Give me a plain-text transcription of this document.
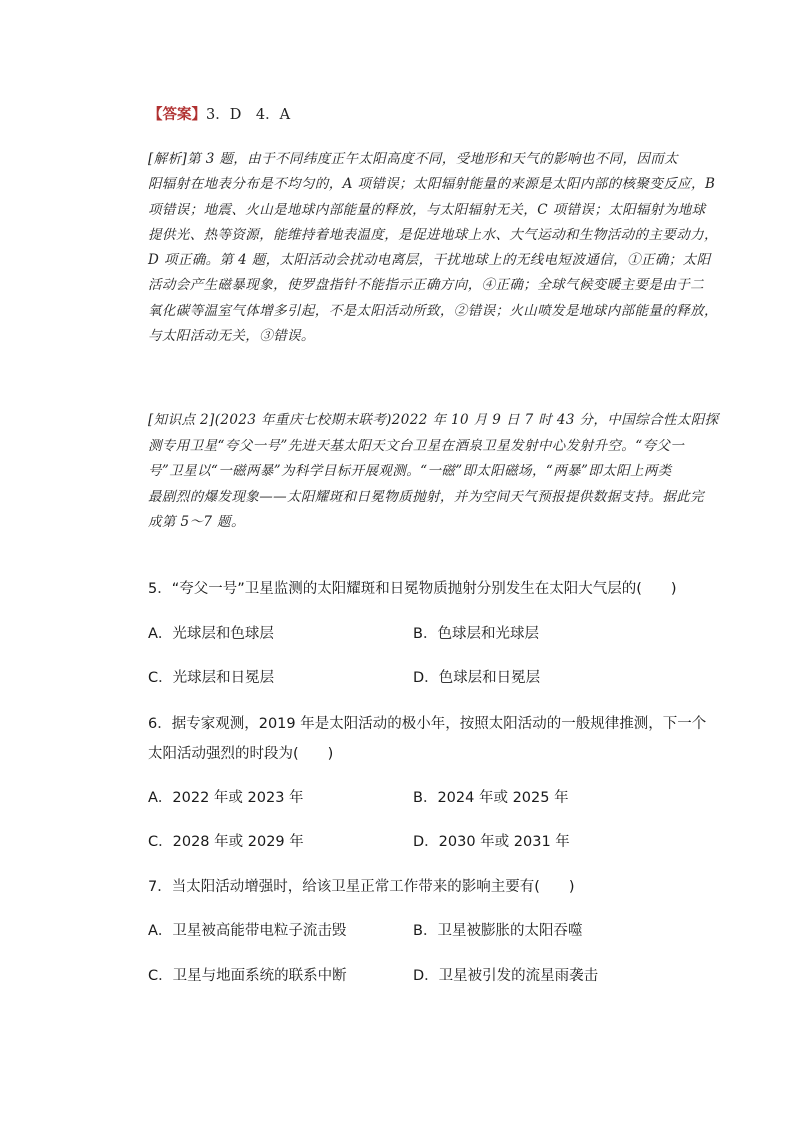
【答案】3．D　4．A
[解析]第 3 题，由于不同纬度正午太阳高度不同，受地形和天气的影响也不同，因而太
阳辐射在地表分布是不均匀的，A 项错误；太阳辐射能量的来源是太阳内部的核聚变反应，B
项错误；地震、火山是地球内部能量的释放，与太阳辐射无关，C 项错误；太阳辐射为地球
提供光、热等资源，能维持着地表温度，是促进地球上水、大气运动和生物活动的主要动力，
D 项正确。第 4 题，太阳活动会扰动电离层，干扰地球上的无线电短波通信，①正确；太阳
活动会产生磁暴现象，使罗盘指针不能指示正确方向，④正确；全球气候变暖主要是由于二
氧化碳等温室气体增多引起，不是太阳活动所致，②错误；火山喷发是地球内部能量的释放，
与太阳活动无关，③错误。
[知识点 2](2023 年重庆七校期末联考)2022 年 10 月 9 日 7 时 43 分，中国综合性太阳探
测专用卫星“夸父一号”先进天基太阳天文台卫星在酒泉卫星发射中心发射升空。“夸父一
号”卫星以“一磁两暴”为科学目标开展观测。“一磁”即太阳磁场，“两暴”即太阳上两类
最剧烈的爆发现象——太阳耀斑和日冕物质抛射，并为空间天气预报提供数据支持。据此完
成第 5～7 题。
5．“夸父一号”卫星监测的太阳耀斑和日冕物质抛射分别发生在太阳大气层的(　　)
A．光球层和色球层	B．色球层和光球层
C．光球层和日冕层	D．色球层和日冕层
6．据专家观测，2019 年是太阳活动的极小年，按照太阳活动的一般规律推测，下一个
太阳活动强烈的时段为(　　)
A．2022 年或 2023 年	B．2024 年或 2025 年
C．2028 年或 2029 年	D．2030 年或 2031 年
7．当太阳活动增强时，给该卫星正常工作带来的影响主要有(　　)
A．卫星被高能带电粒子流击毁	B．卫星被膨胀的太阳吞噬
C．卫星与地面系统的联系中断	D．卫星被引发的流星雨袭击
